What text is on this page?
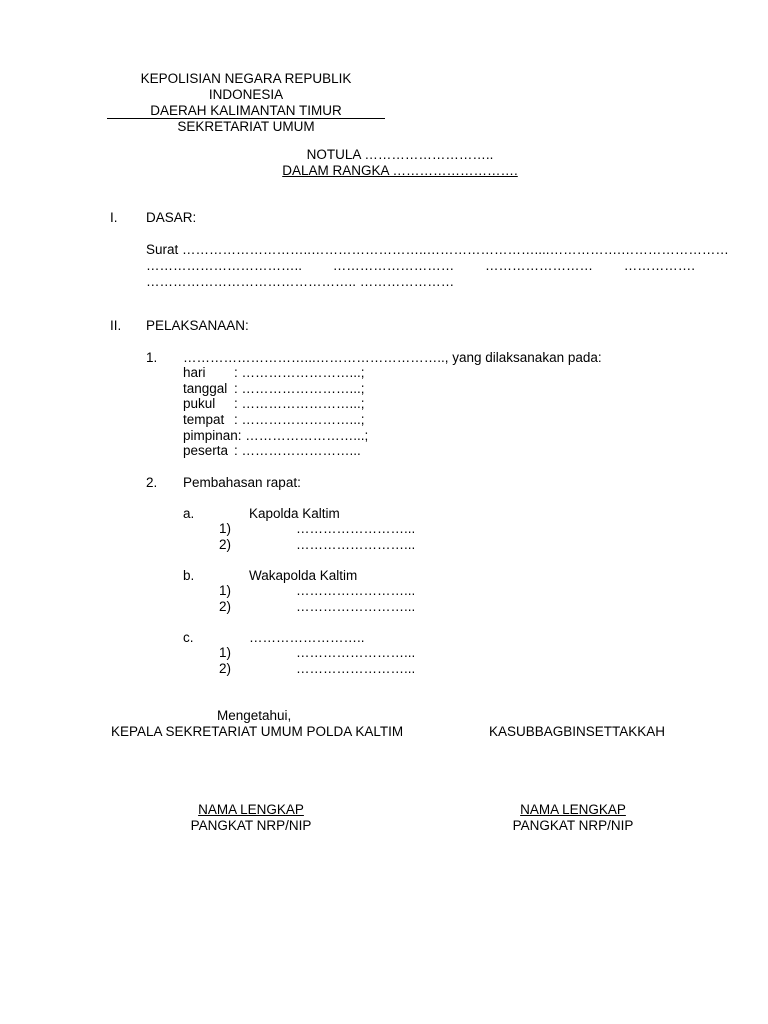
KEPOLISIAN NEGARA REPUBLIK INDONESIA
DAERAH KALIMANTAN TIMUR
SEKRETARIAT UMUM
NOTULA ………………………..
DALAM RANGKA ……………………….
I. DASAR:
Surat ……………………….. …………………….. …………………….... ……………. ………… …………
…………………………….. ……………………… …………………… …………….
……………………………………….. …………………
II. PELAKSANAAN:
1. ………………………...……………………….., yang dilaksanakan pada:
hari : ……………………...;
tanggal : ……………………...;
pukul : ……………………...;
tempat : ……………………...;
pimpinan: ……………………...;
peserta : ……………………...
2. Pembahasan rapat:
a.	Kapolda Kaltim
1)	……………………...
2)	……………………...
b.	Wakapolda Kaltim
1)	……………………...
2)	……………………...
c.	……………………..
1)	……………………...
2)	……………………...
Mengetahui,
KEPALA SEKRETARIAT UMUM POLDA KALTIM	KASUBBAGBINSETTAKKAH
NAMA LENGKAP
PANGKAT NRP/NIP
NAMA LENGKAP
PANGKAT NRP/NIP
